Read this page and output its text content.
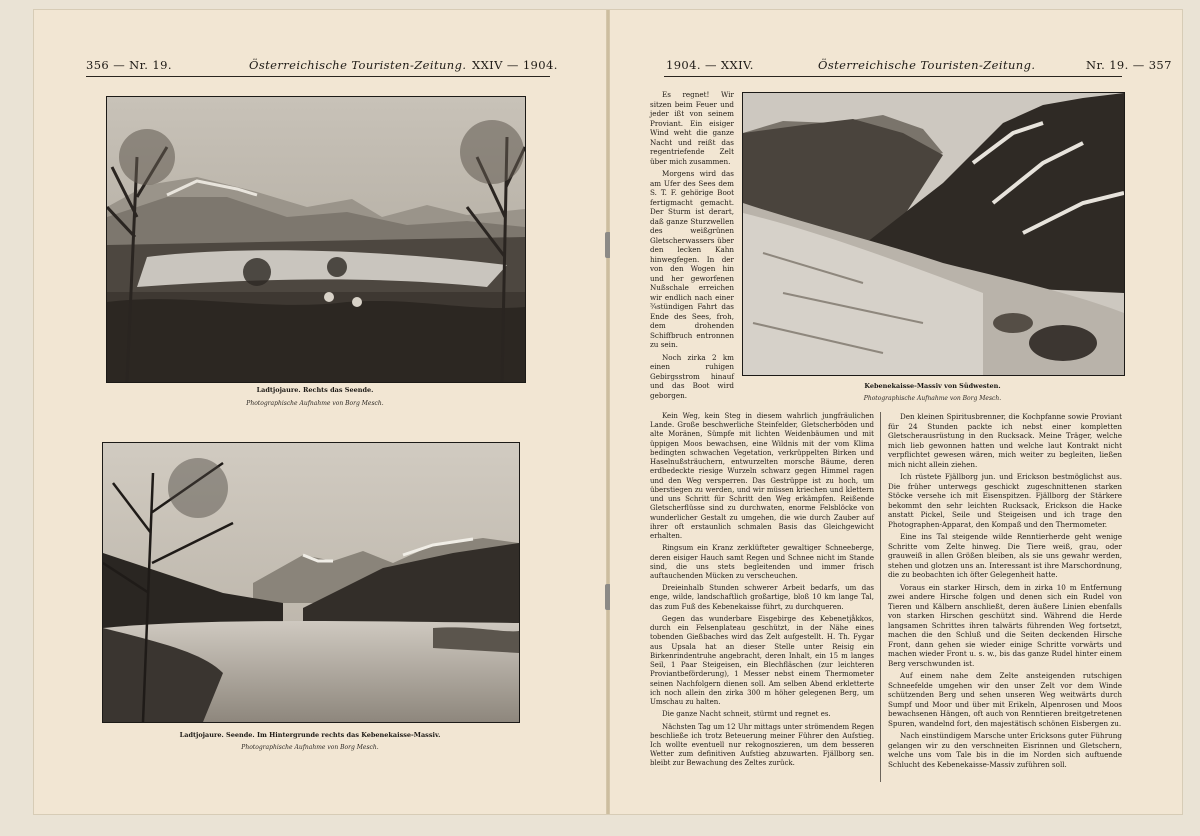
356 — Nr. 19.	Österreichische Touristen-Zeitung. XXIV — 1904.
Ladtjojaure. Rechts das Seende.
Photographische Aufnahme von Borg Mesch.
Ladtjojaure. Seende. Im Hintergrunde rechts das Kebenekaisse-Massiv.
Photographische Aufnahme von Borg Mesch.
1904. — XXIV.	Österreichische Touristen-Zeitung.	Nr. 19. — 357

Es regnet! Wir sitzen beim Feuer und jeder ißt von seinem Proviant. Ein eisiger Wind weht die ganze Nacht und reißt das regentriefende Zelt über mich zusammen.

Morgens wird das am Ufer des Sees dem S. T. F. gehörige Boot fertigmacht gemacht. Der Sturm ist derart, daß ganze Sturzwellen des weißgrünen Gletscherwassers über den lecken Kahn hinwegfegen. In der von den Wogen hin und her geworfenen Nußschale erreichen wir endlich nach einer ¾stündigen Fahrt das Ende des Sees, froh, dem drohenden Schiffbruch entronnen zu sein.

Noch zirka 2 km einen ruhigen Gebirgsstrom hinauf und das Boot wird geborgen.

Kebenekaisse-Massiv von Südwesten.
Photographische Aufnahme von Borg Mesch.

Kein Weg, kein Steg in diesem wahrlich jungfräulichen Lande. Große beschwerliche Steinfelder, Gletscherböden und alte Moränen, Sümpfe mit lichten Weidenbäumen und mit üppigen Moos bewachsen, eine Wildnis mit der vom Klima bedingten schwachen Vegetation, verkrüppelten Birken und Haselnußsträuchern, entwurzelten morsche Bäume, deren erdbedeckte riesige Wurzeln schwarz gegen Himmel ragen und den Weg versperren. Das Gestrüppe ist zu hoch, um überstiegen zu werden, und wir müssen kriechen und klettern und uns Schritt für Schritt den Weg erkämpfen. Reißende Gletscherflüsse sind zu durchwaten, enorme Felsblöcke von wunderlicher Gestalt zu umgehen, die wie durch Zauber auf ihrer oft erstaunlich schmalen Basis das Gleichgewicht erhalten.

Ringsum ein Kranz zerklüfteter gewaltiger Schneeberge, deren eisiger Hauch samt Regen und Schnee nicht im Stande sind, die uns stets begleitenden und immer frisch auftauchenden Mücken zu verscheuchen.

Dreieinhalb Stunden schwerer Arbeit bedarfs, um das enge, wilde, landschaftlich großartige, bloß 10 km lange Tal, das zum Fuß des Kebenekaisse führt, zu durchqueren.

Gegen das wunderbare Eisgebirge des Kebenetjåkkos, durch ein Felsenplateau geschützt, in der Nähe eines tobenden Gießbaches wird das Zelt aufgestellt. H. Th. Fygar aus Upsala hat an dieser Stelle unter Reisig ein Birkenrindentruhe angebracht, deren Inhalt, ein 15 m langes Seil, 1 Paar Steigeisen, ein Blechfläschen (zur leichteren Proviantbeförderung), 1 Messer nebst einem Thermometer seinen Nachfolgern dienen soll. Am selben Abend erkletterte ich noch allein den zirka 300 m höher gelegenen Berg, um Umschau zu halten.

Die ganze Nacht schneit, stürmt und regnet es.

Nächsten Tag um 12 Uhr mittags unter strömendem Regen beschließe ich trotz Beteuerung meiner Führer den Aufstieg. Ich wollte eventuell nur rekognoszieren, um dem besseren Wetter zum definitiven Aufstieg abzuwarten. Fjällborg sen. bleibt zur Bewachung des Zeltes zurück.

Den kleinen Spiritusbrenner, die Kochpfanne sowie Proviant für 24 Stunden packte ich nebst einer kompletten Gletscherausrüstung in den Rucksack. Meine Träger, welche mich lieb gewonnen hatten und welche laut Kontrakt nicht verpflichtet gewesen wären, mich weiter zu begleiten, ließen mich nicht allein ziehen.

Ich rüstete Fjällborg jun. und Erickson bestmöglichst aus. Die früher unterwegs geschickt zugeschnittenen starken Stöcke versehe ich mit Eisenspitzen. Fjällborg der Stärkere bekommt den sehr leichten Rucksack, Erickson die Hacke anstatt Pickel, Seile und Steigeisen und ich trage den Photographen-Apparat, den Kompaß und den Thermometer.

Eine ins Tal steigende wilde Renntierherde geht wenige Schritte vom Zelte hinweg. Die Tiere weiß, grau, oder grauweiß in allen Größen bleiben, als sie uns gewahr werden, stehen und glotzen uns an. Interessant ist ihre Marschordnung, die zu beobachten ich öfter Gelegenheit hatte.

Voraus ein starker Hirsch, dem in zirka 10 m Entfernung zwei andere Hirsche folgen und denen sich ein Rudel von Tieren und Kälbern anschließt, deren äußere Linien ebenfalls von starken Hirschen geschützt sind. Während die Herde langsamen Schrittes ihren talwärts führenden Weg fortsetzt, machen die den Schluß und die Seiten deckenden Hirsche Front, dann gehen sie wieder einige Schritte vorwärts und machen wieder Front u. s. w., bis das ganze Rudel hinter einem Berg verschwunden ist.

Auf einem nahe dem Zelte ansteigenden rutschigen Schneefelde umgehen wir den unser Zelt vor dem Winde schützenden Berg und sehen unseren Weg weitwärts durch Sumpf und Moor und über mit Erikeln, Alpenrosen und Moos bewachsenen Hängen, oft auch von Renntieren breitgetretenen Spuren, wandelnd fort, den majestätisch schönen Eisbergen zu.

Nach einstündigem Marsche unter Ericksons guter Führung gelangen wir zu den verschneiten Eisrinnen und Gletschern, welche uns vom Tale bis in die im Norden sich auftuende Schlucht des Kebenekaisse-Massiv zuführen soll.
